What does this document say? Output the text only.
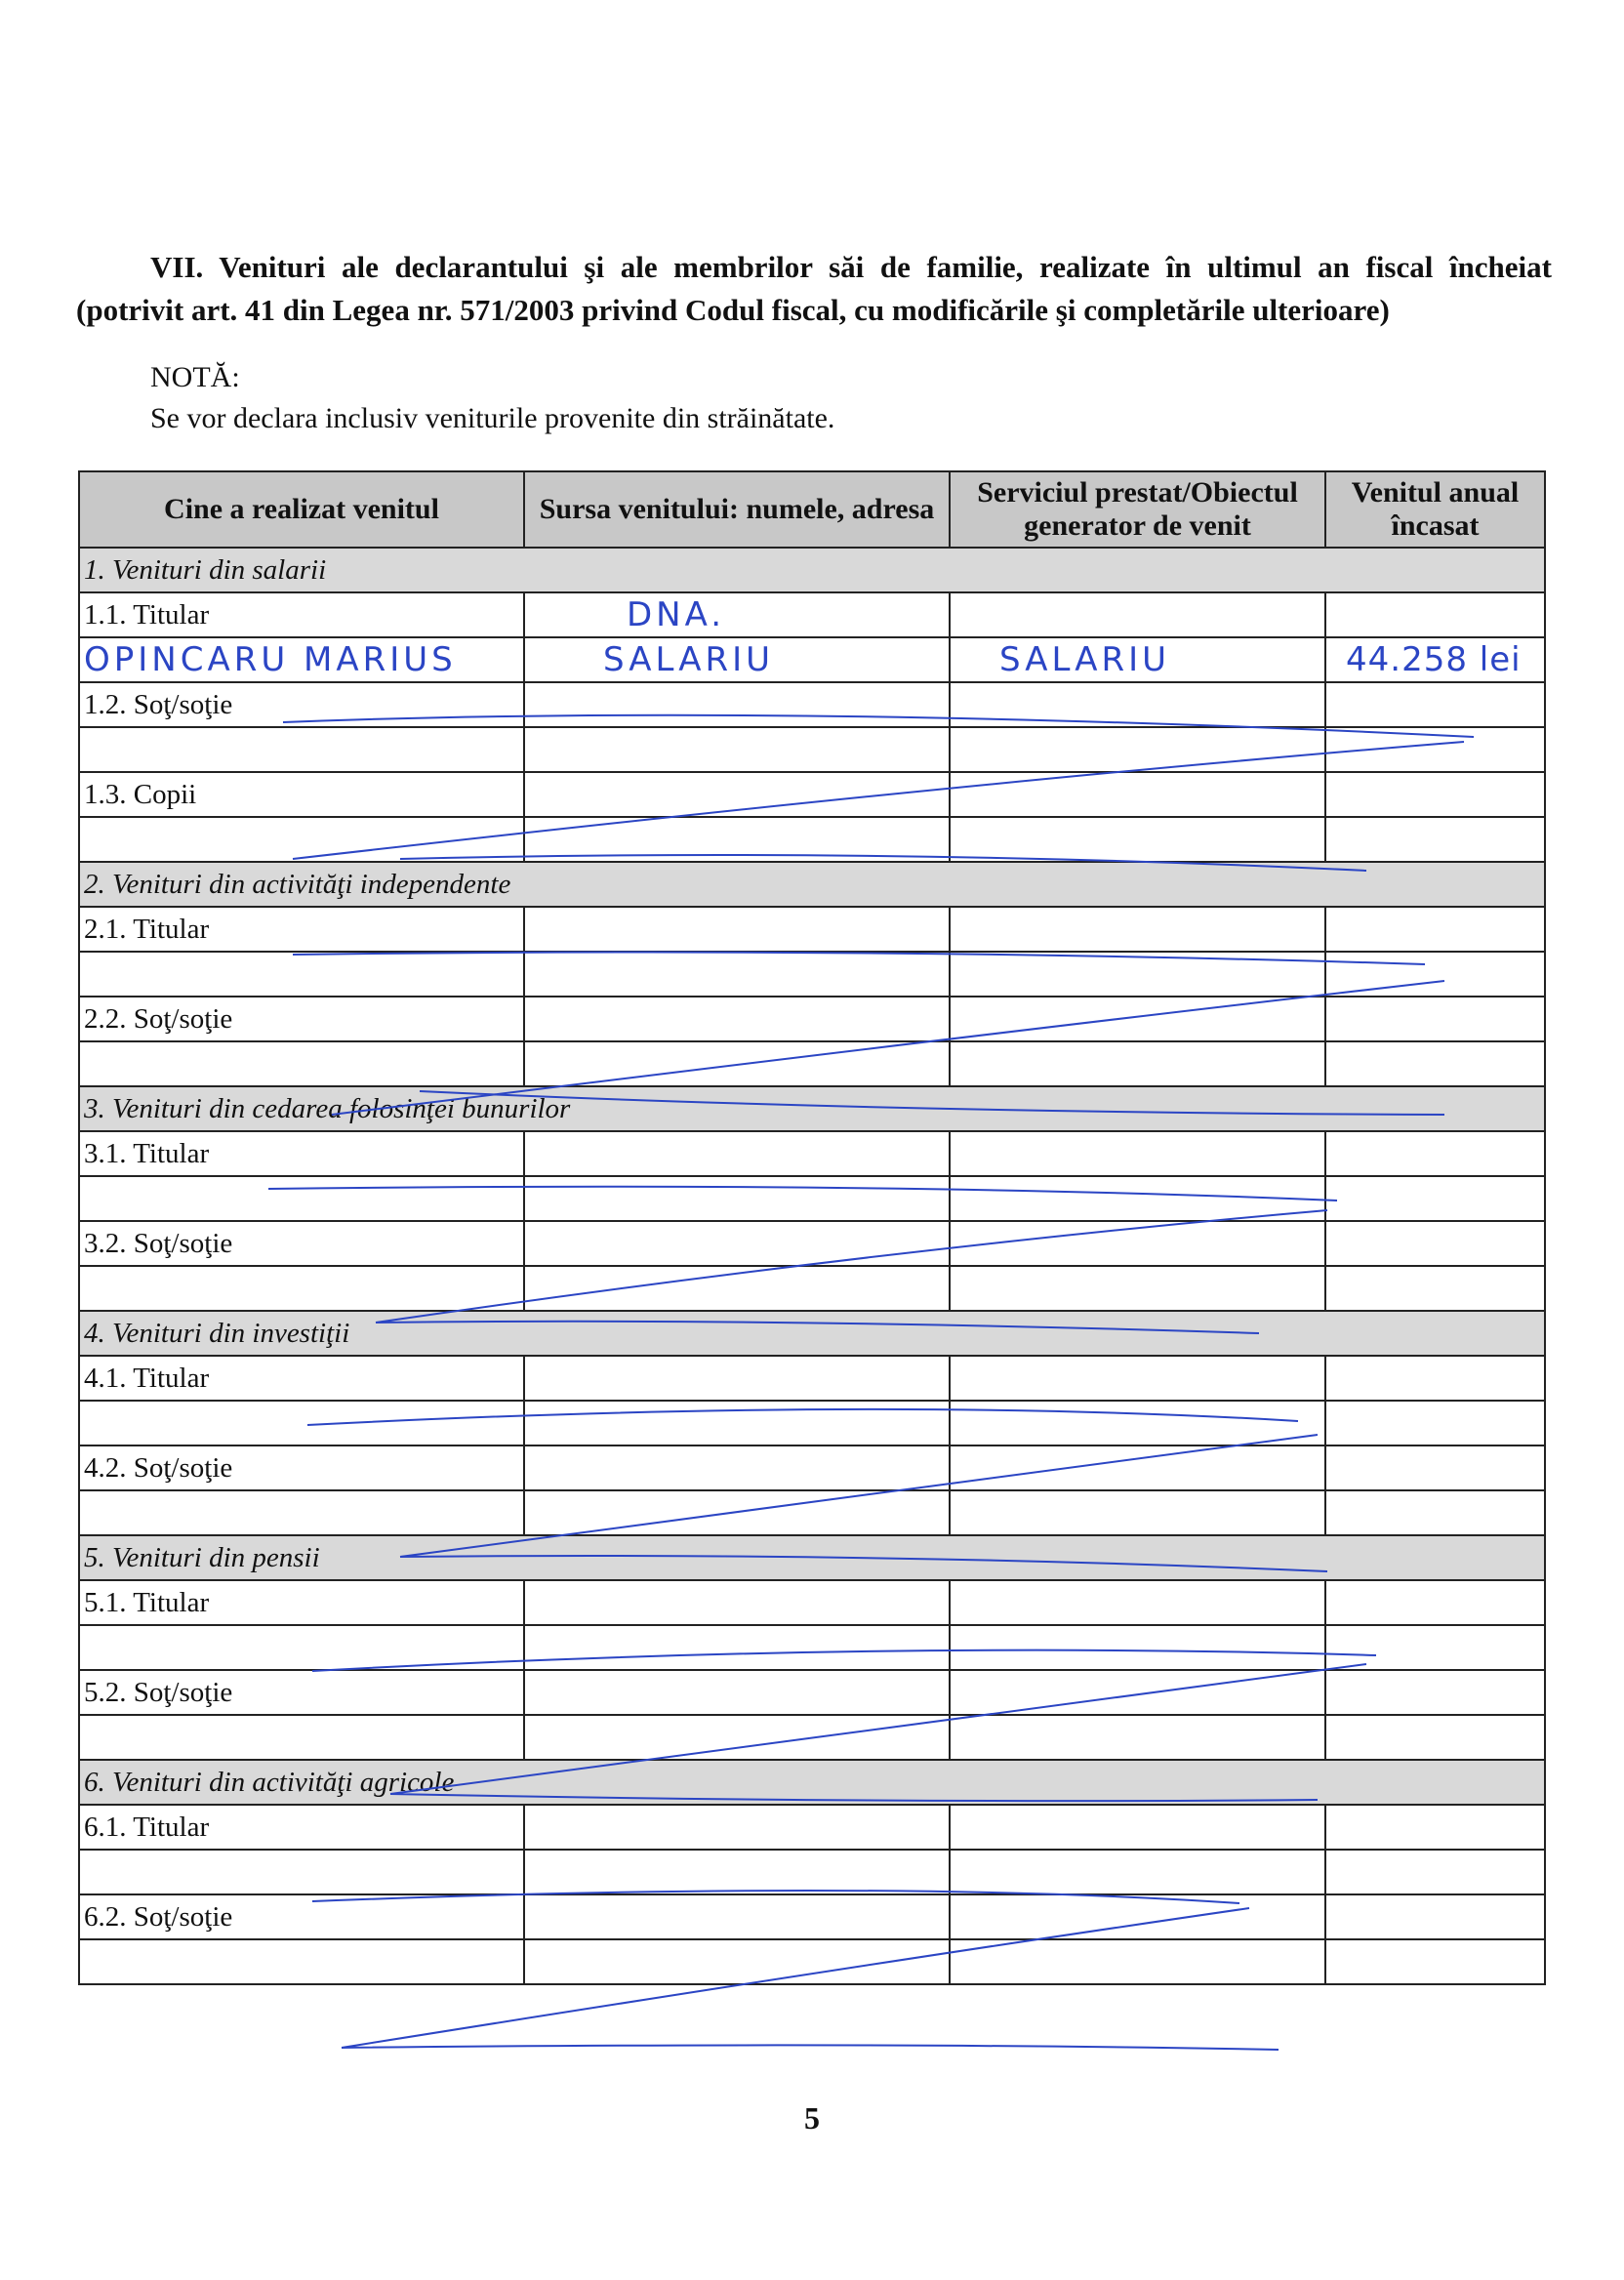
VII. Venituri ale declarantului şi ale membrilor săi de familie, realizate în ultimul an fiscal încheiat
(potrivit art. 41 din Legea nr. 571/2003 privind Codul fiscal, cu modificările şi completările ulterioare)
NOTĂ:
Se vor declara inclusiv veniturile provenite din străinătate.
Cine a realizat venitul	Sursa venitului: numele, adresa	Serviciul prestat/Obiectul generator de venit	Venitul anual încasat
1. Venituri din salarii			
1.1. Titular	DNA.		
OPINCARU MARIUS	SALARIU	SALARIU	44.258 lei
1.2. Soţ/soţie			

1.3. Copii			

2. Venituri din activităţi independente			
2.1. Titular			

2.2. Soţ/soţie			

3. Venituri din cedarea folosinţei bunurilor			
3.1. Titular			

3.2. Soţ/soţie			

4. Venituri din investiţii			
4.1. Titular			

4.2. Soţ/soţie			

5. Venituri din pensii			
5.1. Titular			

5.2. Soţ/soţie			

6. Venituri din activităţi agricole			
6.1. Titular			

6.2. Soţ/soţie			

5
